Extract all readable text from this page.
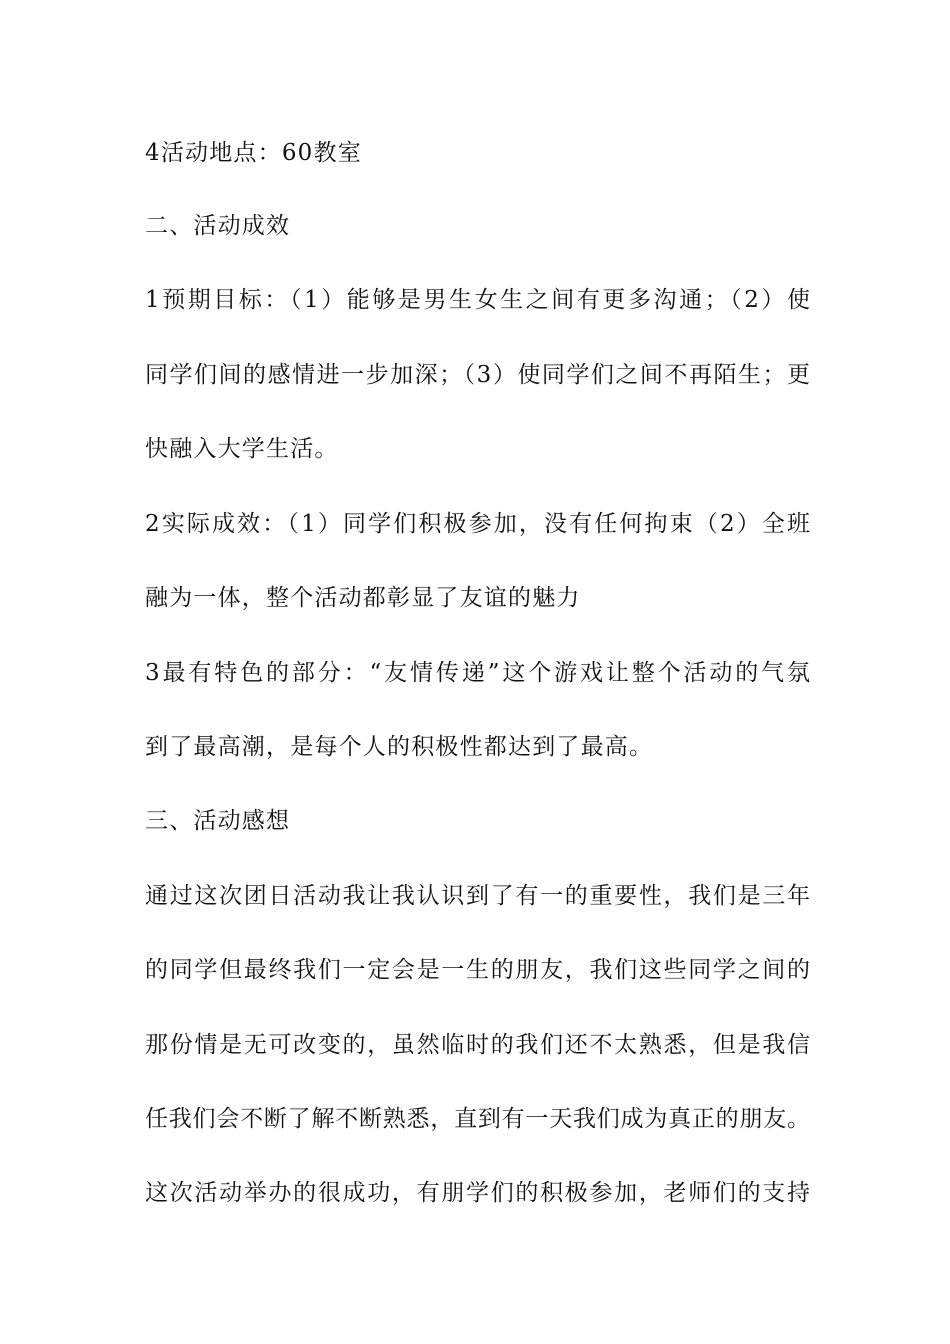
4活动地点：60教室
二、活动成效
1预期目标：（1）能够是男生女生之间有更多沟通；（2）使
同学们间的感情进一步加深；（3）使同学们之间不再陌生；更
快融入大学生活。
2实际成效：（1）同学们积极参加，没有任何拘束（2）全班
融为一体，整个活动都彰显了友谊的魅力
3最有特色的部分：“友情传递”这个游戏让整个活动的气氛
到了最高潮，是每个人的积极性都达到了最高。
三、活动感想
通过这次团日活动我让我认识到了有一的重要性，我们是三年
的同学但最终我们一定会是一生的朋友，我们这些同学之间的
那份情是无可改变的，虽然临时的我们还不太熟悉，但是我信
任我们会不断了解不断熟悉，直到有一天我们成为真正的朋友。
这次活动举办的很成功，有朋学们的积极参加，老师们的支持
